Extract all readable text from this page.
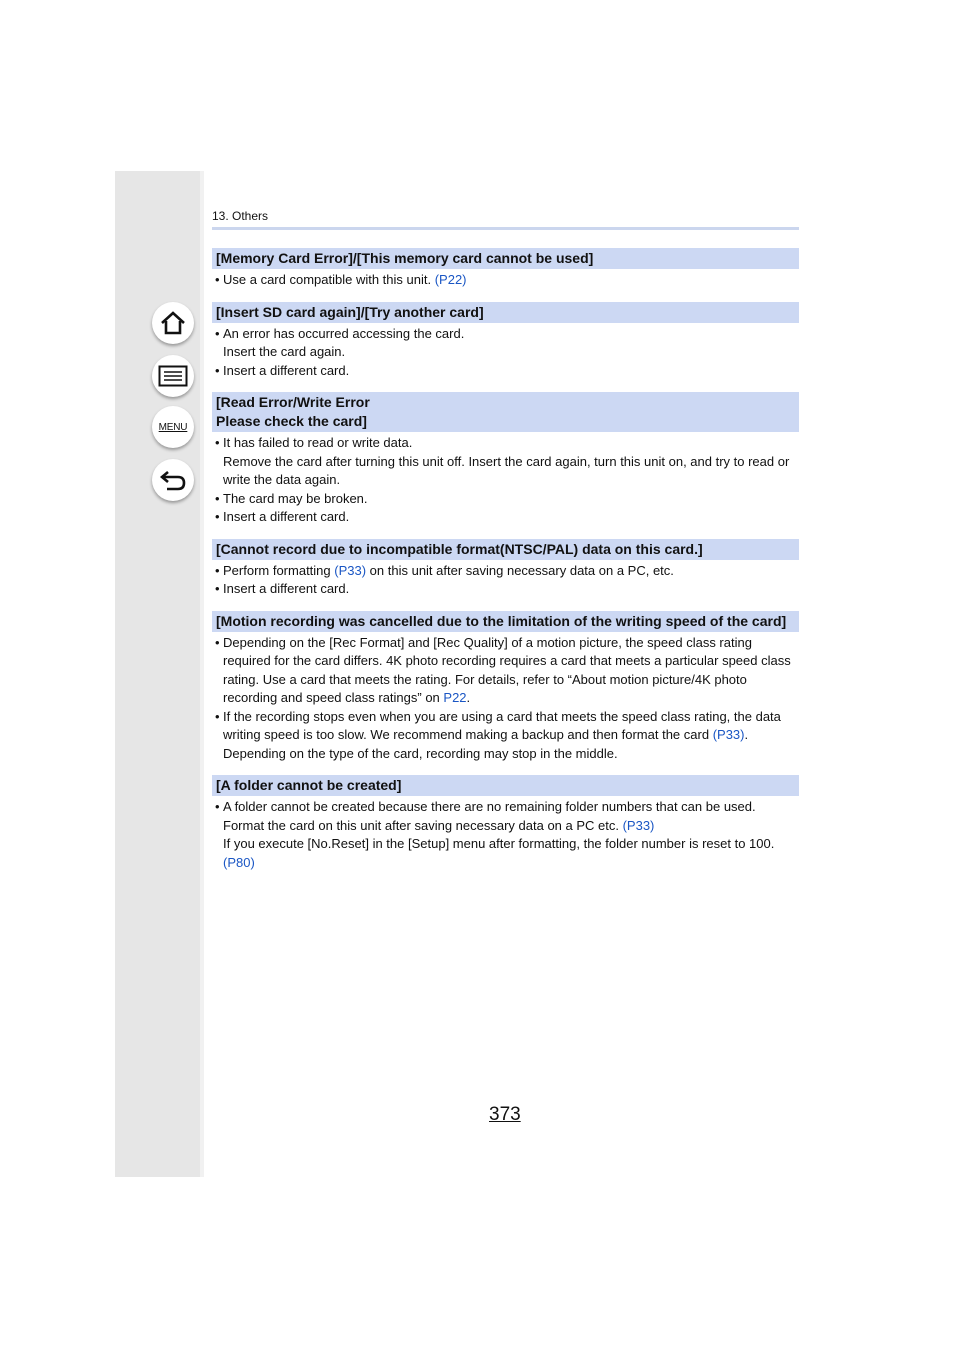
MENU
13. Others
[Memory Card Error]/[This memory card cannot be used]
• Use a card compatible with this unit. (P22)
[Insert SD card again]/[Try another card]
• An error has occurred accessing the card.
Insert the card again.
• Insert a different card.
[Read Error/Write Error
Please check the card]
• It has failed to read or write data.
Remove the card after turning this unit off. Insert the card again, turn this unit on, and try to read or write the data again.
• The card may be broken.
• Insert a different card.
[Cannot record due to incompatible format(NTSC/PAL) data on this card.]
• Perform formatting (P33) on this unit after saving necessary data on a PC, etc.
• Insert a different card.
[Motion recording was cancelled due to the limitation of the writing speed of the card]
• Depending on the [Rec Format] and [Rec Quality] of a motion picture, the speed class rating required for the card differs. 4K photo recording requires a card that meets a particular speed class rating. Use a card that meets the rating. For details, refer to “About motion picture/4K photo recording and speed class ratings” on P22.
• If the recording stops even when you are using a card that meets the speed class rating, the data writing speed is too slow. We recommend making a backup and then format the card (P33). Depending on the type of the card, recording may stop in the middle.
[A folder cannot be created]
• A folder cannot be created because there are no remaining folder numbers that can be used.
Format the card on this unit after saving necessary data on a PC etc. (P33)
If you execute [No.Reset] in the [Setup] menu after formatting, the folder number is reset to 100. (P80)
373
